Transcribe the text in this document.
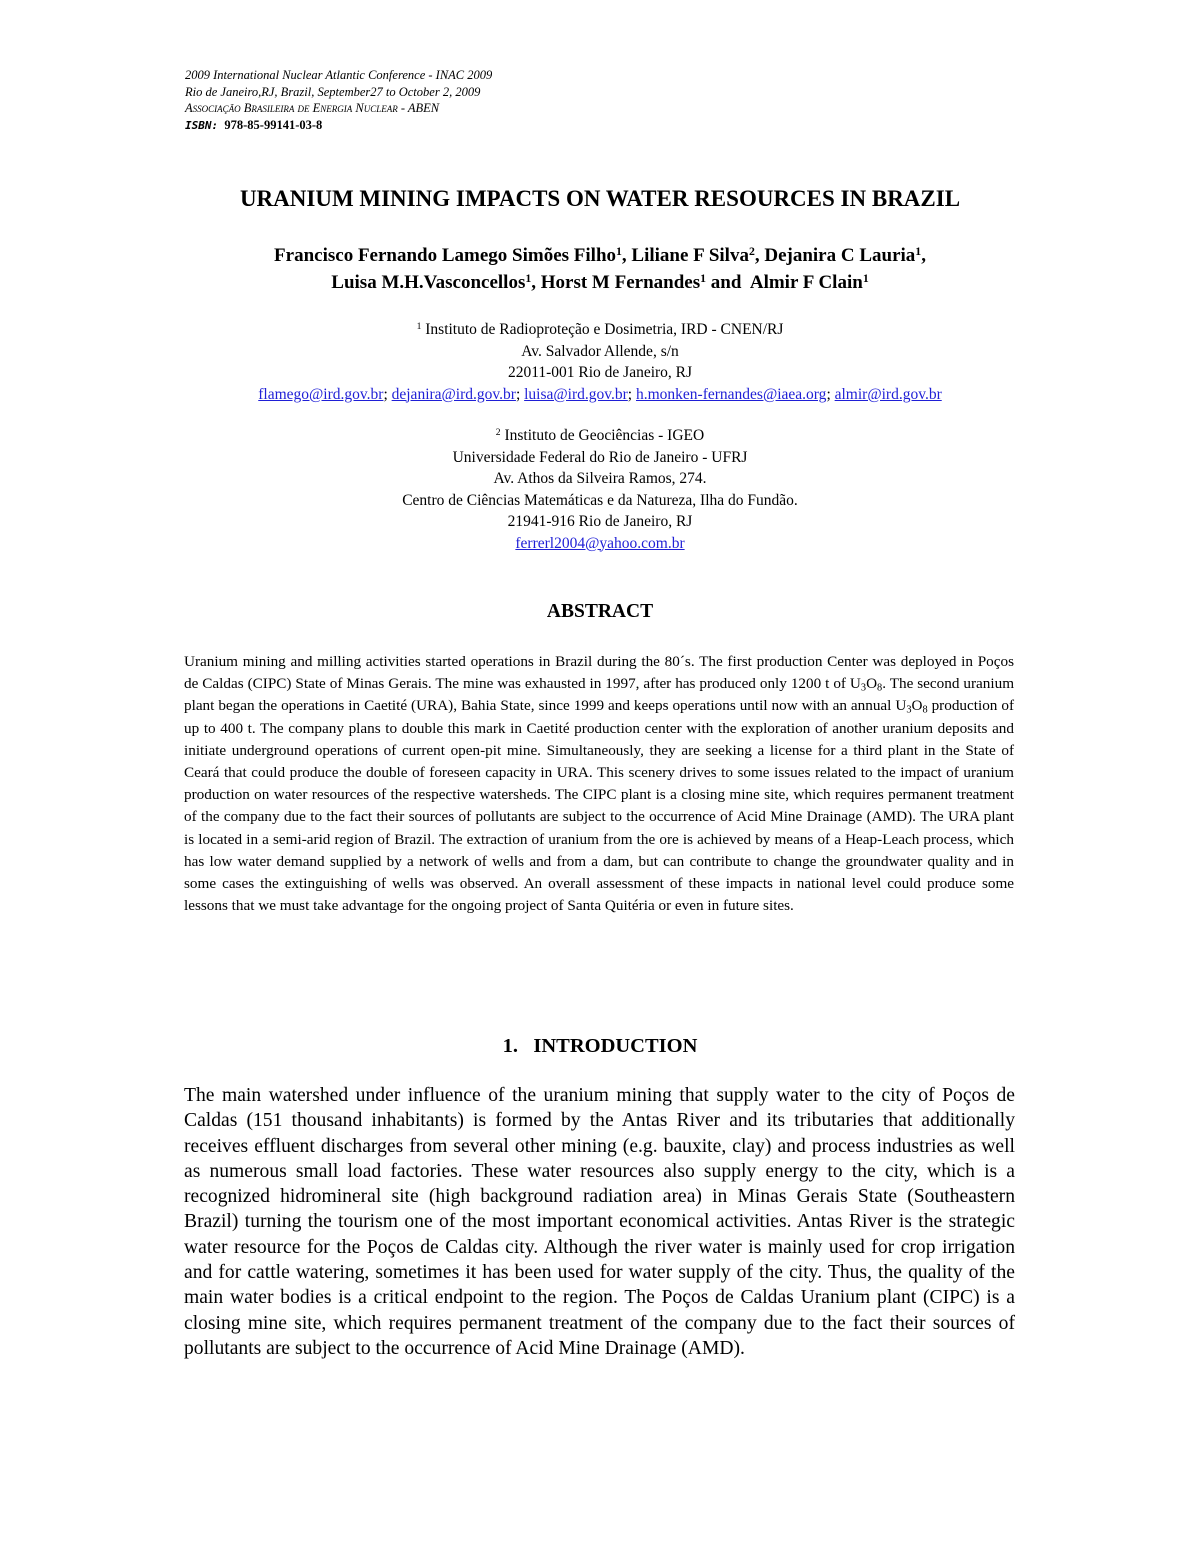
2009 International Nuclear Atlantic Conference - INAC 2009
Rio de Janeiro,RJ, Brazil, September27 to October 2, 2009
Associação Brasileira de Energia Nuclear - ABEN
ISBN: 978-85-99141-03-8
URANIUM MINING IMPACTS ON WATER RESOURCES IN BRAZIL
Francisco Fernando Lamego Simões Filho$^1$, Liliane F Silva$^2$, Dejanira C Lauria$^1$,
Luisa M.H.Vasconcellos$^1$, Horst M Fernandes$^1$ and Almir F Clain$^1$
$^1$ Instituto de Radioproteção e Dosimetria, IRD - CNEN/RJ
Av. Salvador Allende, s/n
22011-001 Rio de Janeiro, RJ
flamego@ird.gov.br; dejanira@ird.gov.br; luisa@ird.gov.br; h.monken-fernandes@iaea.org; almir@ird.gov.br
$^2$ Instituto de Geociências - IGEO
Universidade Federal do Rio de Janeiro - UFRJ
Av. Athos da Silveira Ramos, 274.
Centro de Ciências Matemáticas e da Natureza, Ilha do Fundão.
21941-916 Rio de Janeiro, RJ
ferrerl2004@yahoo.com.br
ABSTRACT

Uranium mining and milling activities started operations in Brazil during the 80´s. The first production Center was deployed in Poços de Caldas (CIPC) State of Minas Gerais. The mine was exhausted in 1997, after has produced only 1200 t of $U_3O_8$. The second uranium plant began the operations in Caetité (URA), Bahia State, since 1999 and keeps operations until now with an annual $U_3O_8$ production of up to 400 t. The company plans to double this mark in Caetité production center with the exploration of another uranium deposits and initiate underground operations of current open-pit mine. Simultaneously, they are seeking a license for a third plant in the State of Ceará that could produce the double of foreseen capacity in URA. This scenery drives to some issues related to the impact of uranium production on water resources of the respective watersheds. The CIPC plant is a closing mine site, which requires permanent treatment of the company due to the fact their sources of pollutants are subject to the occurrence of Acid Mine Drainage (AMD). The URA plant is located in a semi-arid region of Brazil. The extraction of uranium from the ore is achieved by means of a Heap-Leach process, which has low water demand supplied by a network of wells and from a dam, but can contribute to change the groundwater quality and in some cases the extinguishing of wells was observed. An overall assessment of these impacts in national level could produce some lessons that we must take advantage for the ongoing project of Santa Quitéria or even in future sites.

1.   INTRODUCTION

The main watershed under influence of the uranium mining that supply water to the city of Poços de Caldas (151 thousand inhabitants) is formed by the Antas River and its tributaries that additionally receives effluent discharges from several other mining (e.g. bauxite, clay) and process industries as well as numerous small load factories. These water resources also supply energy to the city, which is a recognized hidromineral site (high background radiation area) in Minas Gerais State (Southeastern Brazil) turning the tourism one of the most important economical activities. Antas River is the strategic water resource for the Poços de Caldas city. Although the river water is mainly used for crop irrigation and for cattle watering, sometimes it has been used for water supply of the city. Thus, the quality of the main water bodies is a critical endpoint to the region. The Poços de Caldas Uranium plant (CIPC) is a closing mine site, which requires permanent treatment of the company due to the fact their sources of pollutants are subject to the occurrence of Acid Mine Drainage (AMD).
